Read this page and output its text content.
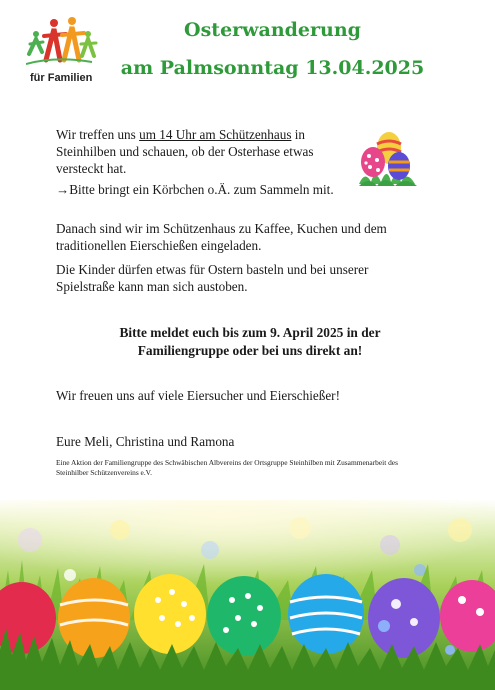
für Familien
Osterwanderung
am Palmsonntag 13.04.2025
Wir treffen uns um 14 Uhr am Schützenhaus in Steinhilben und schauen, ob der Osterhase etwas versteckt hat.
→Bitte bringt ein Körbchen o.Ä. zum Sammeln mit.
Danach sind wir im Schützenhaus zu Kaffee, Kuchen und dem traditionellen Eierschießen eingeladen.
Die Kinder dürfen etwas für Ostern basteln und bei unserer Spielstraße kann man sich austoben.
Bitte meldet euch bis zum 9. April 2025 in der
Familiengruppe oder bei uns direkt an!
Wir freuen uns auf viele Eiersucher und Eierschießer!
Eure Meli, Christina und Ramona
Eine Aktion der Familiengruppe des Schwäbischen Albvereins der Ortsgruppe Steinhilben mit Zusammenarbeit des Steinhilber Schützenvereins e.V.
